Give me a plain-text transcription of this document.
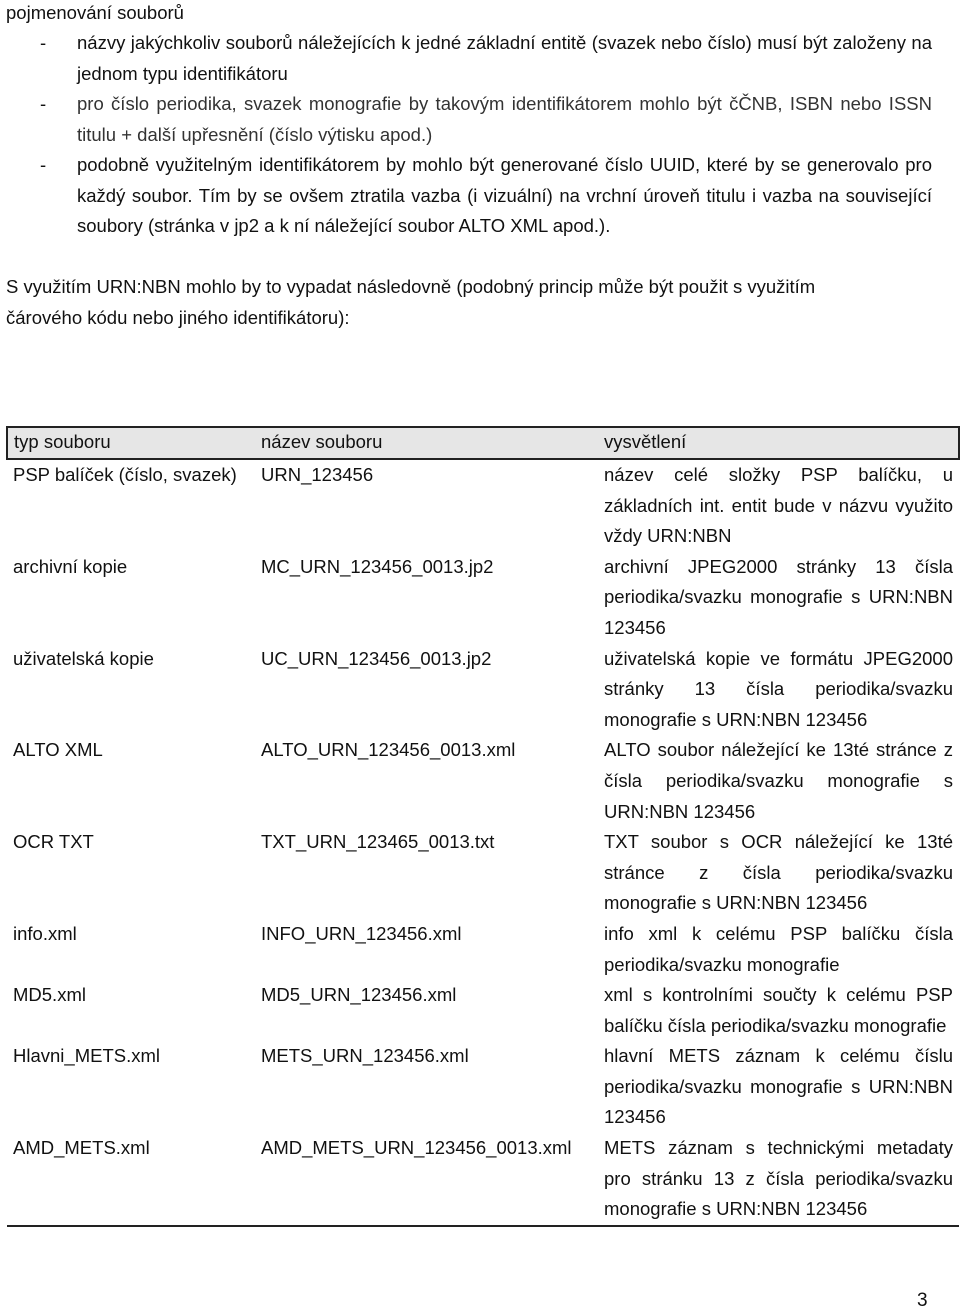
pojmenování souborů
-	názvy jakýchkoliv souborů náležejících k jedné základní entitě (svazek nebo číslo) musí být založeny na jednom typu identifikátoru
-	pro číslo periodika, svazek monografie by takovým identifikátorem mohlo být čČNB, ISBN nebo ISSN titulu + další upřesnění (číslo výtisku apod.)
-	podobně využitelným identifikátorem by mohlo být generované číslo UUID, které by se generovalo pro každý soubor. Tím by se ovšem ztratila vazba (i vizuální) na vrchní úroveň titulu i vazba na související soubory (stránka v jp2 a k ní náležející soubor ALTO XML apod.).
S využitím URN:NBN mohlo by to vypadat následovně (podobný princip může být použit s využitím čárového kódu nebo jiného identifikátoru):
typ souboru	název souboru	vysvětlení
PSP balíček (číslo, svazek)	URN_123456	název celé složky PSP balíčku, u základních int. entit bude v názvu využito vždy URN:NBN
archivní kopie	MC_URN_123456_0013.jp2	archivní JPEG2000 stránky 13 čísla periodika/svazku monografie s URN:NBN 123456
uživatelská kopie	UC_URN_123456_0013.jp2	uživatelská kopie ve formátu JPEG2000 stránky 13 čísla periodika/svazku monografie s URN:NBN 123456
ALTO XML	ALTO_URN_123456_0013.xml	ALTO soubor náležející ke 13té stránce z čísla periodika/svazku monografie s URN:NBN 123456
OCR TXT	TXT_URN_123465_0013.txt	TXT soubor s OCR náležející ke 13té stránce z čísla periodika/svazku monografie s URN:NBN 123456
info.xml	INFO_URN_123456.xml	info xml k celému PSP balíčku čísla periodika/svazku monografie
MD5.xml	MD5_URN_123456.xml	xml s kontrolními součty k celému PSP balíčku čísla periodika/svazku monografie
Hlavni_METS.xml	METS_URN_123456.xml	hlavní METS záznam k celému číslu periodika/svazku monografie s URN:NBN 123456
AMD_METS.xml	AMD_METS_URN_123456_0013.xml	METS záznam s technickými metadaty pro stránku 13 z čísla periodika/svazku monografie s URN:NBN 123456
3
